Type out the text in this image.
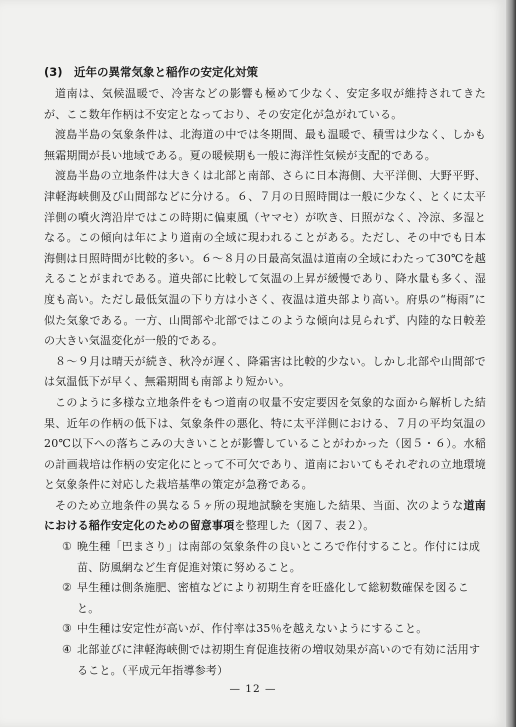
(3)　近年の異常気象と稲作の安定化対策

道南は、気候温暖で、冷害などの影響も極めて少なく、安定多収が維持されてきたが、ここ数年作柄は不安定となっており、その安定化が急がれている。

渡島半島の気象条件は、北海道の中では冬期間、最も温暖で、積雪は少なく、しかも無霜期間が長い地域である。夏の暖候期も一般に海洋性気候が支配的である。

渡島半島の立地条件は大きくは北部と南部、さらに日本海側、大平洋側、大野平野、津軽海峡側及び山間部などに分ける。６、７月の日照時間は一般に少なく、とくに太平洋側の噴火湾沿岸ではこの時期に偏東風（ヤマセ）が吹き、日照がなく、冷涼、多湿となる。この傾向は年により道南の全域に現われることがある。ただし、その中でも日本海側は日照時間が比較的多い。６～８月の日最高気温は道南の全域にわたって30℃を越えることがまれである。道央部に比較して気温の上昇が緩慢であり、降水量も多く、湿度も高い。ただし最低気温の下り方は小さく、夜温は道央部より高い。府県の“梅雨”に似た気象である。一方、山間部や北部ではこのような傾向は見られず、内陸的な日較差の大きい気温変化が一般的である。

８～９月は晴天が続き、秋冷が遅く、降霜害は比較的少ない。しかし北部や山間部では気温低下が早く、無霜期間も南部より短かい。

このように多様な立地条件をもつ道南の収量不安定要因を気象的な面から解析した結果、近年の作柄の低下は、気象条件の悪化、特に太平洋側における、７月の平均気温の20℃以下への落ちこみの大きいことが影響していることがわかった（図５・６）。水稲の計画栽培は作柄の安定化にとって不可欠であり、道南においてもそれぞれの立地環境と気象条件に対応した栽培基準の策定が急務である。

そのため立地条件の異なる５ヶ所の現地試験を実施した結果、当面、次のような道南における稲作安定化のための留意事項を整理した（図７、表２）。

① 晩生種「巴まさり」は南部の気象条件の良いところで作付すること。作付には成苗、防風網など生育促進対策に努めること。
② 早生種は側条施肥、密植などにより初期生育を旺盛化して総籾数確保を図ること。
③ 中生種は安定性が高いが、作付率は35％を越えないようにすること。
④ 北部並びに津軽海峡側では初期生育促進技術の増収効果が高いので有効に活用すること。（平成元年指導参考）
— 12 —
